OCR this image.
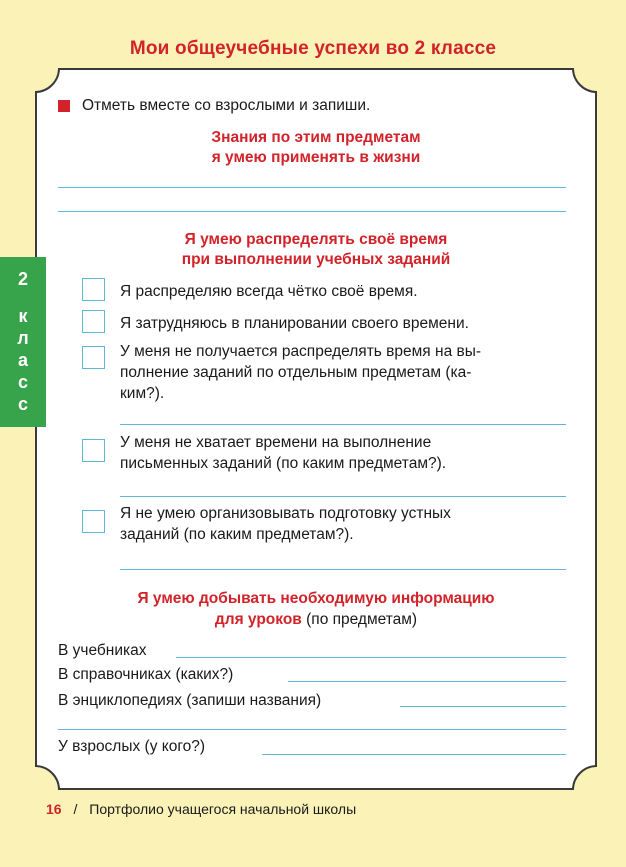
Мои общеучебные успехи во 2 классе
2
к
л
а
с
с
Отметь вместе со взрослыми и запиши.
Знания по этим предметам
я умею применять в жизни
Я умею распределять своё время
при выполнении учебных заданий
Я распределяю всегда чётко своё время.
Я затрудняюсь в планировании своего времени.
У меня не получается распределять время на вы-
полнение заданий по отдельным предметам (ка-
ким?).
У меня не хватает времени на выполнение
письменных заданий (по каким предметам?).
Я не умею организовывать подготовку устных
заданий (по каким предметам?).
Я умею добывать необходимую информацию
для уроков (по предметам)
В учебниках
В справочниках (каких?)
В энциклопедиях (запиши названия)
У взрослых (у кого?)
16 / Портфолио учащегося начальной школы
